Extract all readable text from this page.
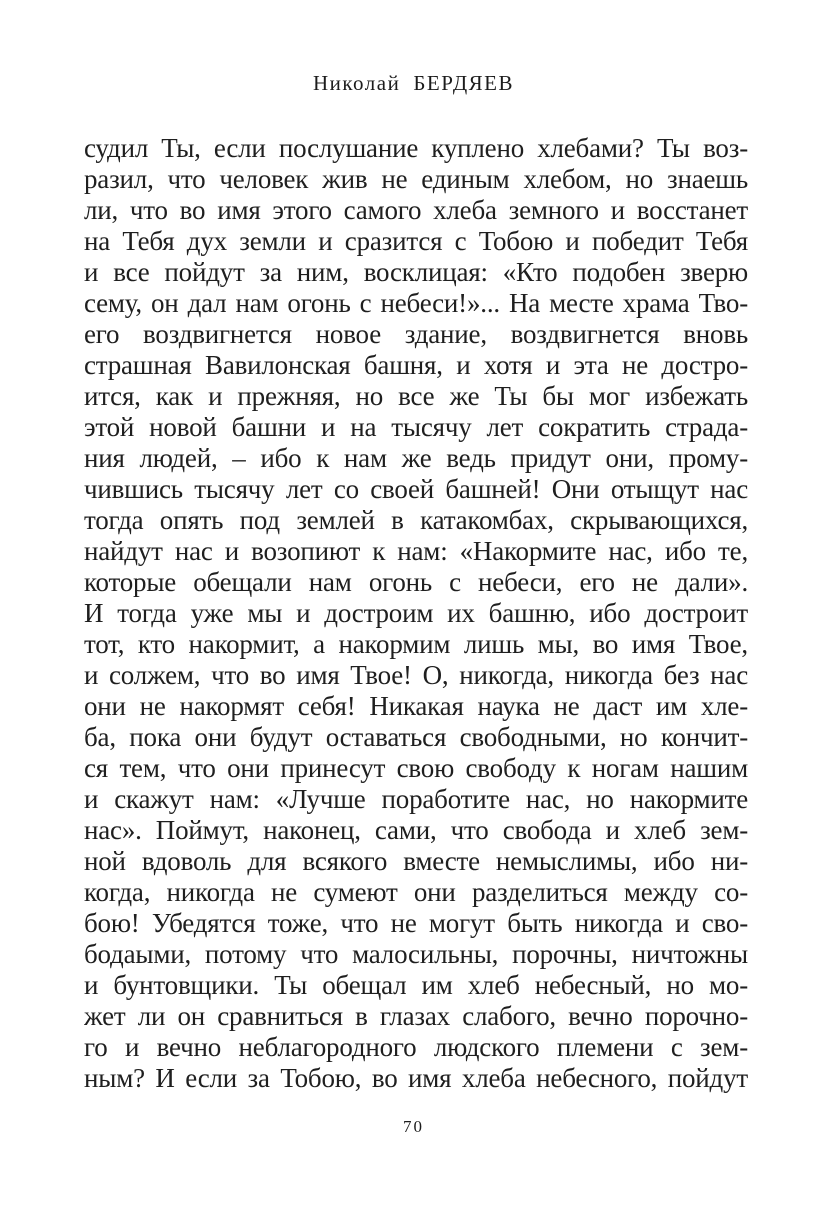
Николай БЕРДЯЕВ
судил Ты, если послушание куплено хлебами? Ты воз-
разил, что человек жив не единым хлебом, но знаешь
ли, что во имя этого самого хлеба земного и восстанет
на Тебя дух земли и сразится с Тобою и победит Тебя
и все пойдут за ним, восклицая: «Кто подобен зверю
сему, он дал нам огонь с небеси!»... На месте храма Тво-
его воздвигнется новое здание, воздвигнется вновь
страшная Вавилонская башня, и хотя и эта не достро-
ится, как и прежняя, но все же Ты бы мог избежать
этой новой башни и на тысячу лет сократить страда-
ния людей, – ибо к нам же ведь придут они, прому-
чившись тысячу лет со своей башней! Они отыщут нас
тогда опять под землей в катакомбах, скрывающихся,
найдут нас и возопиют к нам: «Накормите нас, ибо те,
которые обещали нам огонь с небеси, его не дали».
И тогда уже мы и достроим их башню, ибо достроит
тот, кто накормит, а накормим лишь мы, во имя Твое,
и солжем, что во имя Твое! О, никогда, никогда без нас
они не накормят себя! Никакая наука не даст им хле-
ба, пока они будут оставаться свободными, но кончит-
ся тем, что они принесут свою свободу к ногам нашим
и скажут нам: «Лучше поработите нас, но накормите
нас». Поймут, наконец, сами, что свобода и хлеб зем-
ной вдоволь для всякого вместе немыслимы, ибо ни-
когда, никогда не сумеют они разделиться между со-
бою! Убедятся тоже, что не могут быть никогда и сво-
бодаыми, потому что малосильны, порочны, ничтожны
и бунтовщики. Ты обещал им хлеб небесный, но мо-
жет ли он сравниться в глазах слабого, вечно порочно-
го и вечно неблагородного людского племени с зем-
ным? И если за Тобою, во имя хлеба небесного, пойдут
70
